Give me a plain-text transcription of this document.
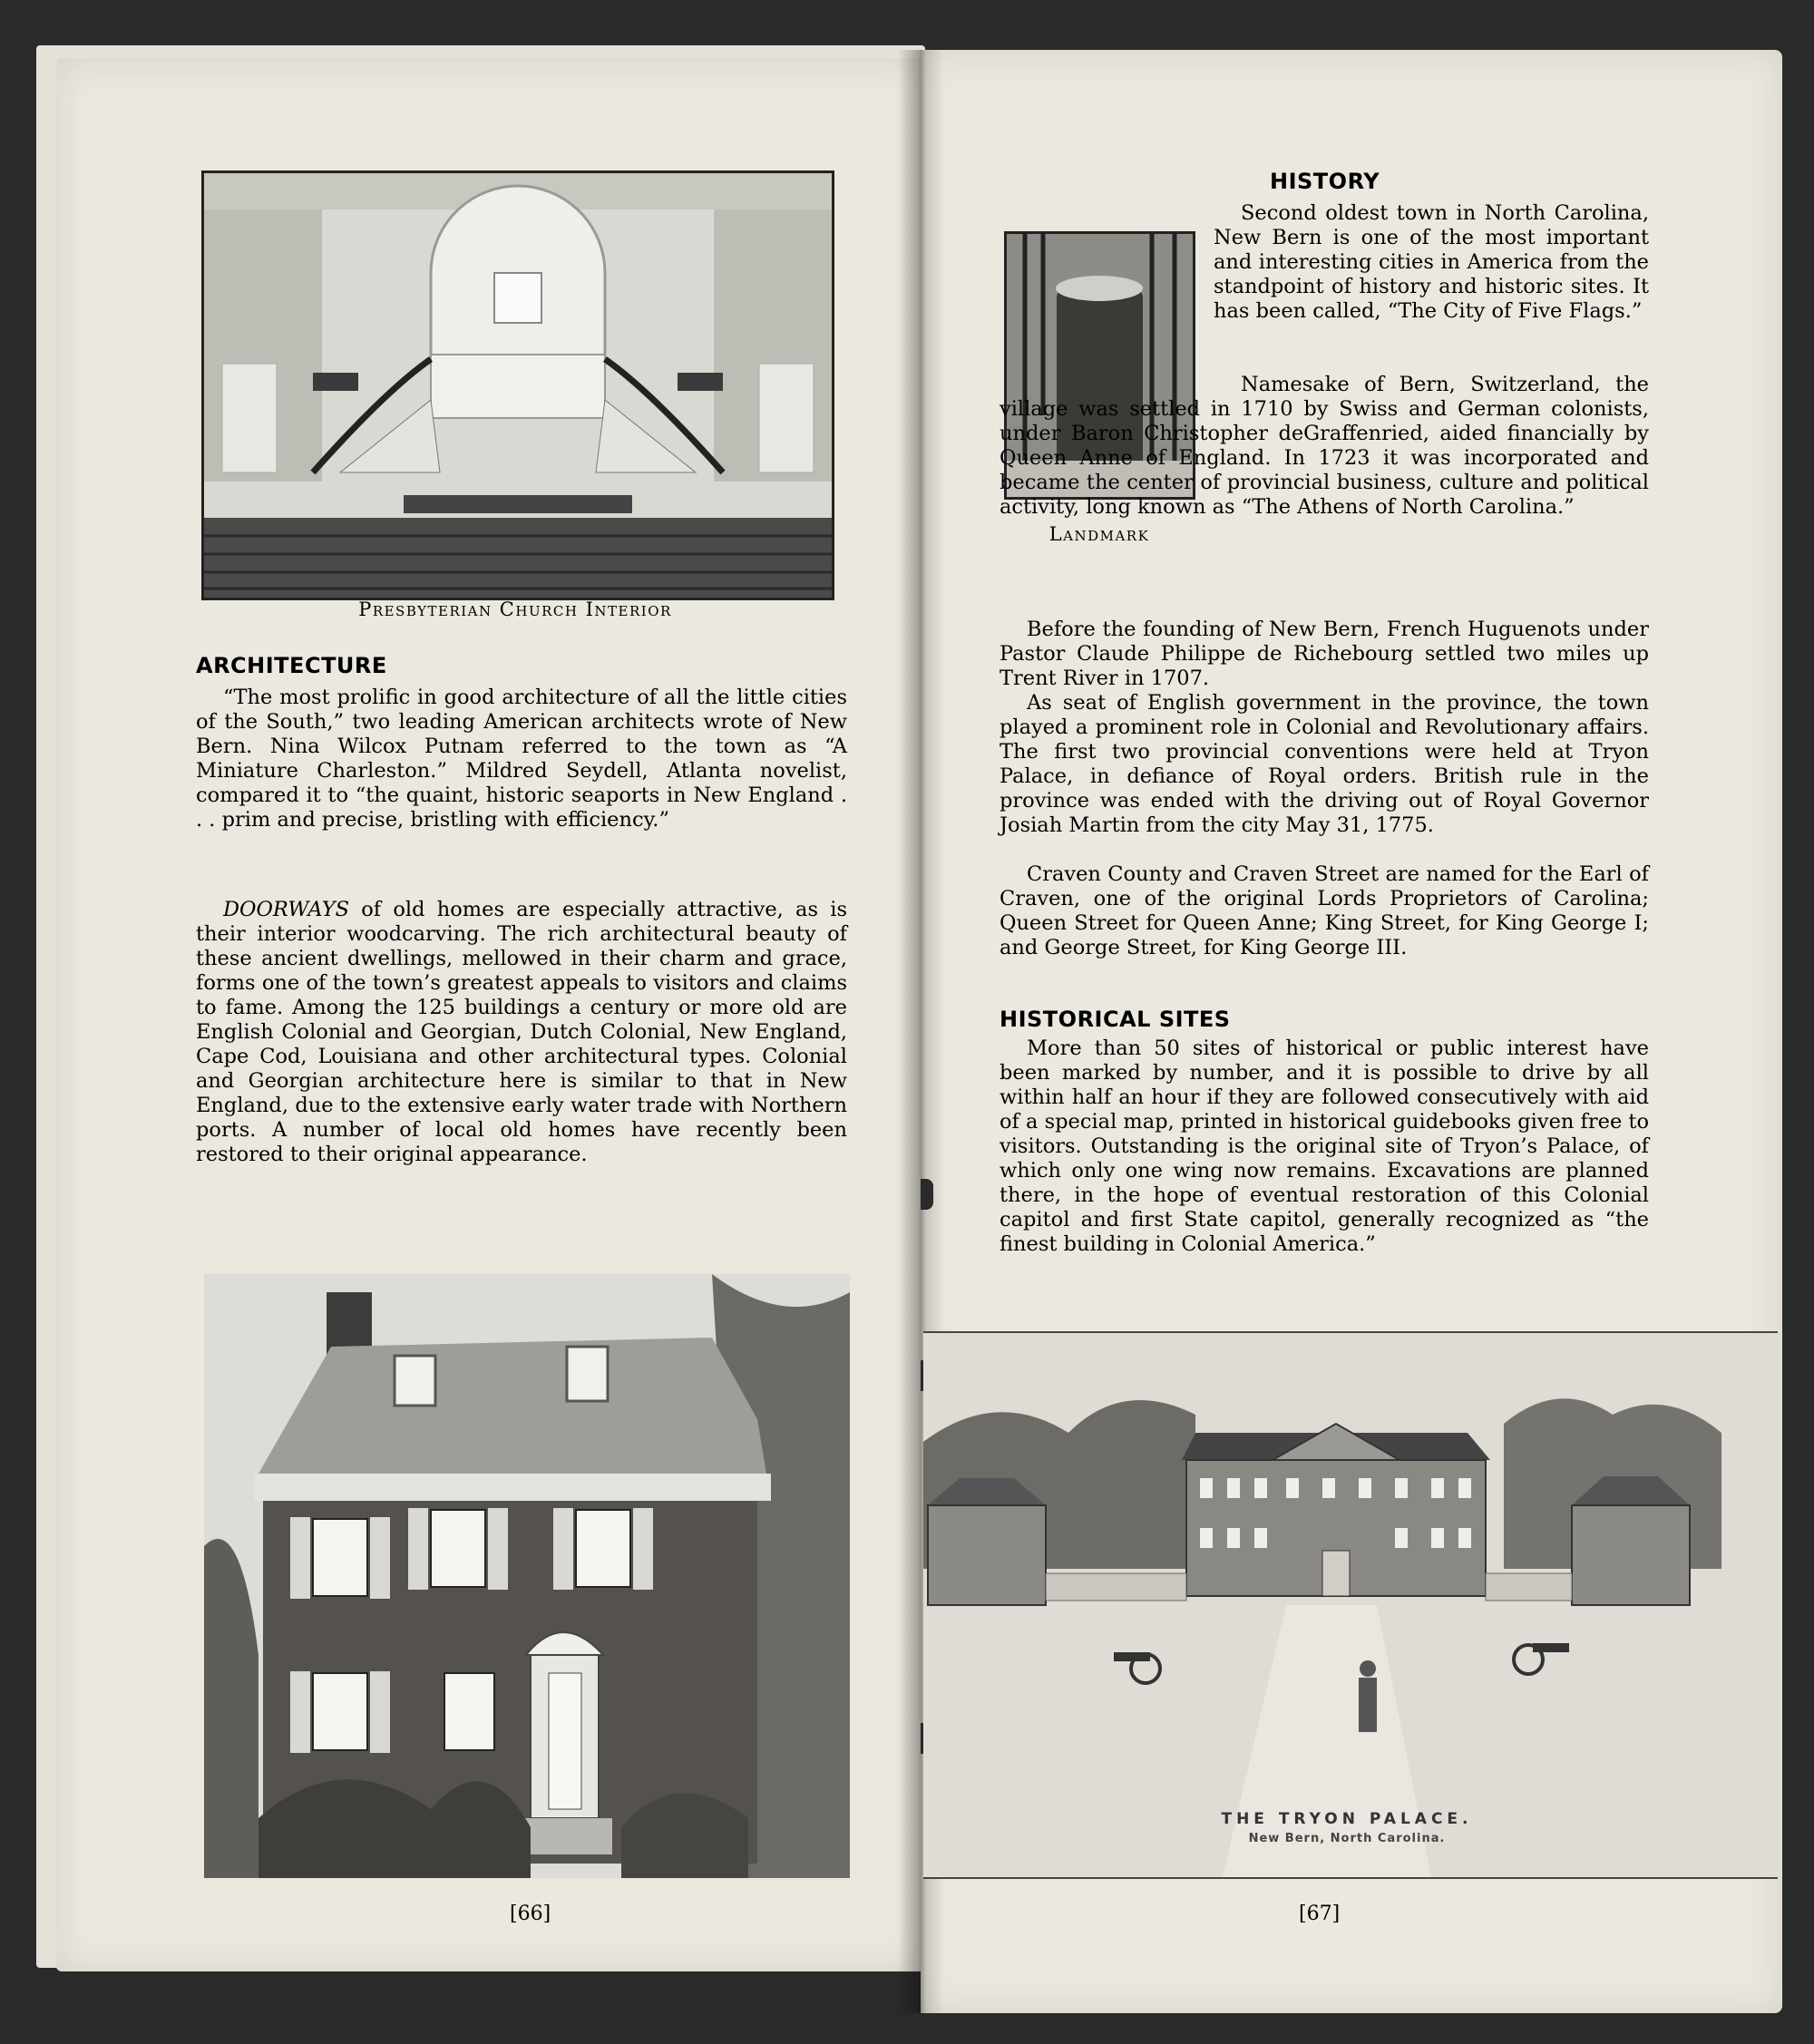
Presbyterian Church Interior
ARCHITECTURE

“The most prolific in good architecture of all the little cities of the South,” two leading American architects wrote of New Bern. Nina Wilcox Putnam referred to the town as “A Miniature Charleston.” Mildred Seydell, Atlanta novelist, compared it to “the quaint, historic seaports in New England . . . prim and precise, bristling with efficiency.”

DOORWAYS of old homes are especially attractive, as is their interior woodcarving. The rich architectural beauty of these ancient dwellings, mellowed in their charm and grace, forms one of the town’s greatest appeals to visitors and claims to fame. Among the 125 buildings a century or more old are English Colonial and Georgian, Dutch Colonial, New England, Cape Cod, Louisiana and other architectural types. Colonial and Georgian architecture here is similar to that in New England, due to the extensive early water trade with Northern ports. A number of local old homes have recently been restored to their original appearance.

[66]
HISTORY
Landmark

Second oldest town in North Carolina, New Bern is one of the most important and interesting cities in America from the standpoint of history and historic sites. It has been called, “The City of Five Flags.”

Namesake of Bern, Switzerland, the village was settled in 1710 by Swiss and German colonists, under Baron Christopher deGraffenried, aided financially by Queen Anne of England. In 1723 it was incorporated and became the center of provincial business, culture and political activity, long known as “The Athens of North Carolina.”

Before the founding of New Bern, French Huguenots under Pastor Claude Philippe de Richebourg settled two miles up Trent River in 1707.

As seat of English government in the province, the town played a prominent role in Colonial and Revolutionary affairs. The first two provincial conventions were held at Tryon Palace, in defiance of Royal orders. British rule in the province was ended with the driving out of Royal Governor Josiah Martin from the city May 31, 1775.

Craven County and Craven Street are named for the Earl of Craven, one of the original Lords Proprietors of Carolina; Queen Street for Queen Anne; King Street, for King George I; and George Street, for King George III.

HISTORICAL SITES

More than 50 sites of historical or public interest have been marked by number, and it is possible to drive by all within half an hour if they are followed consecutively with aid of a special map, printed in historical guidebooks given free to visitors. Outstanding is the original site of Tryon’s Palace, of which only one wing now remains. Excavations are planned there, in the hope of eventual restoration of this Colonial capitol and first State capitol, generally recognized as “the finest building in Colonial America.”

THE TRYON PALACE.
New Bern, North Carolina.
[67]
